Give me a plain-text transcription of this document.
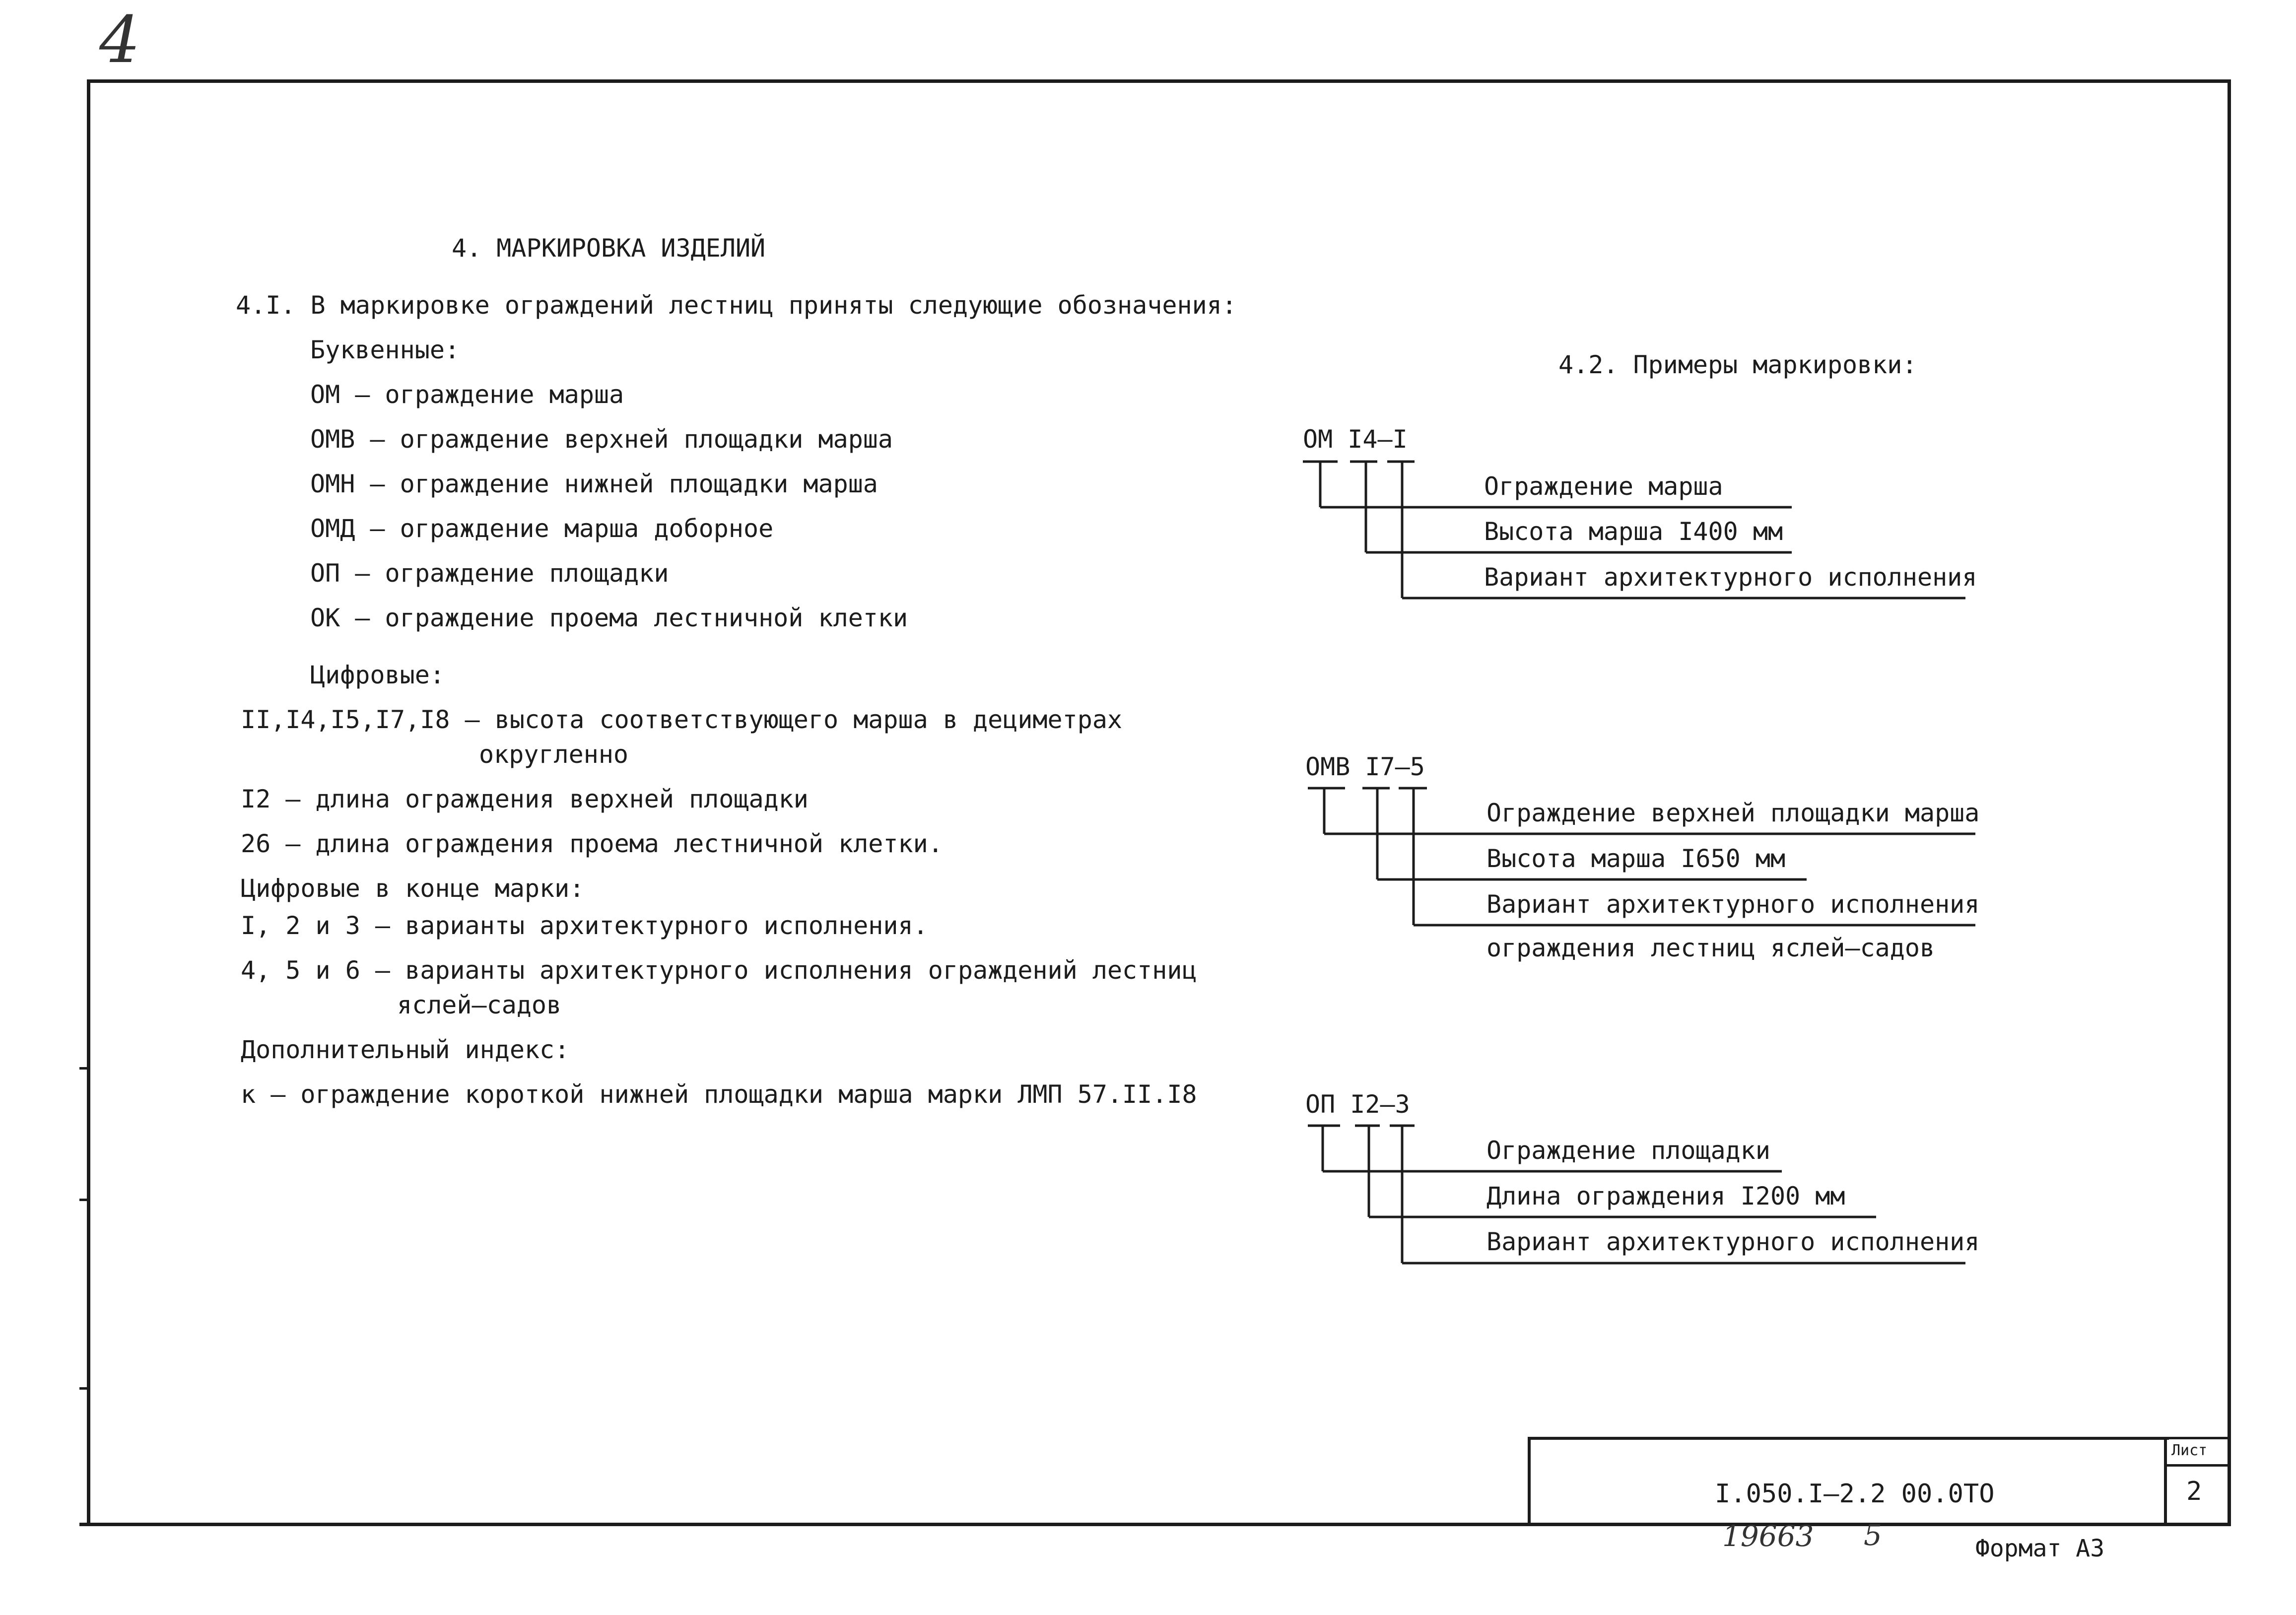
4
4. МАРКИРОВКА ИЗДЕЛИЙ
4.I. В маркировке ограждений лестниц приняты следующие обозначения:
Буквенные:
ОМ – ограждение марша
ОМВ – ограждение верхней площадки марша
ОМН – ограждение нижней площадки марша
ОМД – ограждение марша доборное
ОП – ограждение площадки
ОК – ограждение проема лестничной клетки
Цифровые:
II,I4,I5,I7,I8 – высота соответствующего марша в дециметрах
округленно
I2 – длина ограждения верхней площадки
26 – длина ограждения проема лестничной клетки.
Цифровые в конце марки:
I, 2 и 3 – варианты архитектурного исполнения.
4, 5 и 6 – варианты архитектурного исполнения ограждений лестниц
яслей–садов
Дополнительный индекс:
к – ограждение короткой нижней площадки марша марки ЛМП 57.II.I8
4.2. Примеры маркировки:
ОМ I4–I
Ограждение марша
Высота марша I400 мм
Вариант архитектурного исполнения
ОМВ I7–5
Ограждение верхней площадки марша
Высота марша I650 мм
Вариант архитектурного исполнения
ограждения лестниц яслей–садов
ОП I2–3
Ограждение площадки
Длина ограждения I200 мм
Вариант архитектурного исполнения
I.050.I–2.2 00.0ТО
Лист
2
19663 5	Формат А3
